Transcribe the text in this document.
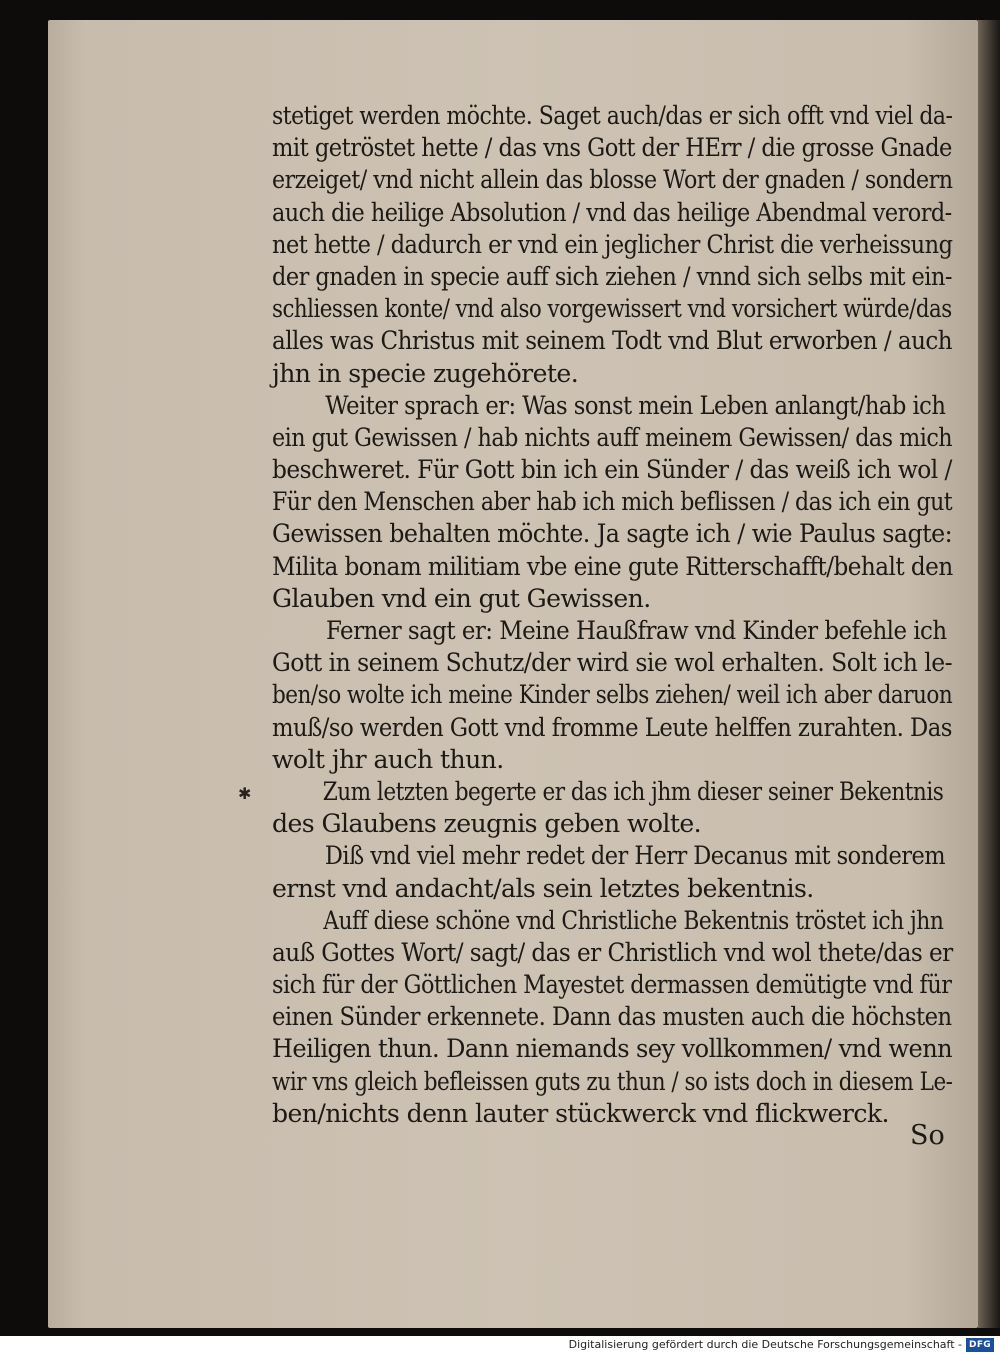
stetiget werden möchte. Saget auch/das er sich offt vnd viel da-
mit getröstet hette / das vns Gott der HErr / die grosse Gnade
erzeiget/ vnd nicht allein das blosse Wort der gnaden / sondern
auch die heilige Absolution / vnd das heilige Abendmal verord-
net hette / dadurch er vnd ein jeglicher Christ die verheissung
der gnaden in specie auff sich ziehen / vnnd sich selbs mit ein-
schliessen konte/ vnd also vorgewissert vnd vorsichert würde/das
alles was Christus mit seinem Todt vnd Blut erworben / auch
jhn in specie zugehörete.
Weiter sprach er: Was sonst mein Leben anlangt/hab ich
ein gut Gewissen / hab nichts auff meinem Gewissen/ das mich
beschweret. Für Gott bin ich ein Sünder / das weiß ich wol /
Für den Menschen aber hab ich mich beflissen / das ich ein gut
Gewissen behalten möchte. Ja sagte ich / wie Paulus sagte:
Milita bonam militiam vbe eine gute Ritterschafft/behalt den
Glauben vnd ein gut Gewissen.
Ferner sagt er: Meine Haußfraw vnd Kinder befehle ich
Gott in seinem Schutz/der wird sie wol erhalten. Solt ich le-
ben/so wolte ich meine Kinder selbs ziehen/ weil ich aber daruon
muß/so werden Gott vnd fromme Leute helffen zurahten. Das
wolt jhr auch thun.
Zum letzten begerte er das ich jhm dieser seiner Bekentnis
des Glaubens zeugnis geben wolte.
Diß vnd viel mehr redet der Herr Decanus mit sonderem
ernst vnd andacht/als sein letztes bekentnis.
Auff diese schöne vnd Christliche Bekentnis tröstet ich jhn
auß Gottes Wort/ sagt/ das er Christlich vnd wol thete/das er
sich für der Göttlichen Mayestet dermassen demütigte vnd für
einen Sünder erkennete. Dann das musten auch die höchsten
Heiligen thun. Dann niemands sey vollkommen/ vnd wenn
wir vns gleich befleissen guts zu thun / so ists doch in diesem Le-
ben/nichts denn lauter stückwerck vnd flickwerck.
✱
So
Digitalisierung gefördert durch die Deutsche Forschungsgemeinschaft - DFG
